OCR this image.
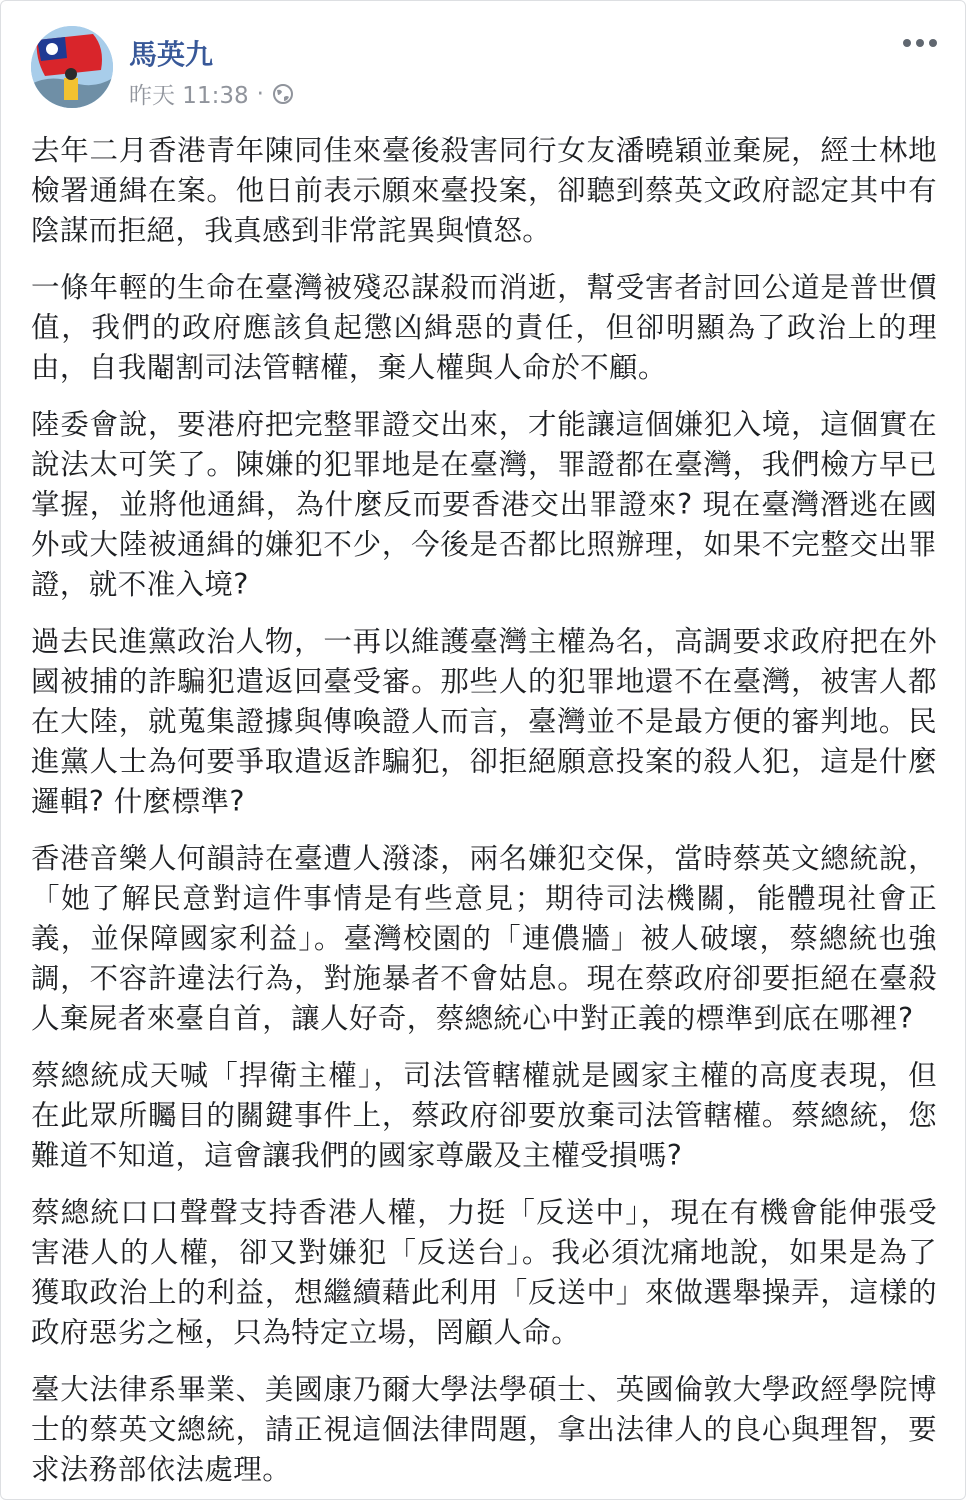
馬英九
昨天 11:38 ·

去年二月香港青年陳同佳來臺後殺害同行女友潘曉穎並棄屍，經士林地檢署通緝在案。他日前表示願來臺投案，卻聽到蔡英文政府認定其中有陰謀而拒絕，我真感到非常詫異與憤怒。

一條年輕的生命在臺灣被殘忍謀殺而消逝，幫受害者討回公道是普世價值，我們的政府應該負起懲凶緝惡的責任，但卻明顯為了政治上的理由，自我閹割司法管轄權，棄人權與人命於不顧。

陸委會說，要港府把完整罪證交出來，才能讓這個嫌犯入境，這個實在說法太可笑了。陳嫌的犯罪地是在臺灣，罪證都在臺灣，我們檢方早已掌握，並將他通緝，為什麼反而要香港交出罪證來? 現在臺灣潛逃在國外或大陸被通緝的嫌犯不少，今後是否都比照辦理，如果不完整交出罪證，就不准入境?

過去民進黨政治人物，一再以維護臺灣主權為名，高調要求政府把在外國被捕的詐騙犯遣返回臺受審。那些人的犯罪地還不在臺灣，被害人都在大陸，就蒐集證據與傳喚證人而言，臺灣並不是最方便的審判地。民進黨人士為何要爭取遣返詐騙犯，卻拒絕願意投案的殺人犯，這是什麼邏輯? 什麼標準?

香港音樂人何韻詩在臺遭人潑漆，兩名嫌犯交保，當時蔡英文總統說，「她了解民意對這件事情是有些意見；期待司法機關，能體現社會正義，並保障國家利益」。臺灣校園的「連儂牆」被人破壞，蔡總統也強調，不容許違法行為，對施暴者不會姑息。現在蔡政府卻要拒絕在臺殺人棄屍者來臺自首，讓人好奇，蔡總統心中對正義的標準到底在哪裡?

蔡總統成天喊「捍衛主權」，司法管轄權就是國家主權的高度表現，但在此眾所矚目的關鍵事件上，蔡政府卻要放棄司法管轄權。蔡總統，您難道不知道，這會讓我們的國家尊嚴及主權受損嗎?

蔡總統口口聲聲支持香港人權，力挺「反送中」，現在有機會能伸張受害港人的人權，卻又對嫌犯「反送台」。我必須沈痛地說，如果是為了獲取政治上的利益，想繼續藉此利用「反送中」來做選舉操弄，這樣的政府惡劣之極，只為特定立場，罔顧人命。

臺大法律系畢業、美國康乃爾大學法學碩士、英國倫敦大學政經學院博士的蔡英文總統，請正視這個法律問題，拿出法律人的良心與理智，要求法務部依法處理。
